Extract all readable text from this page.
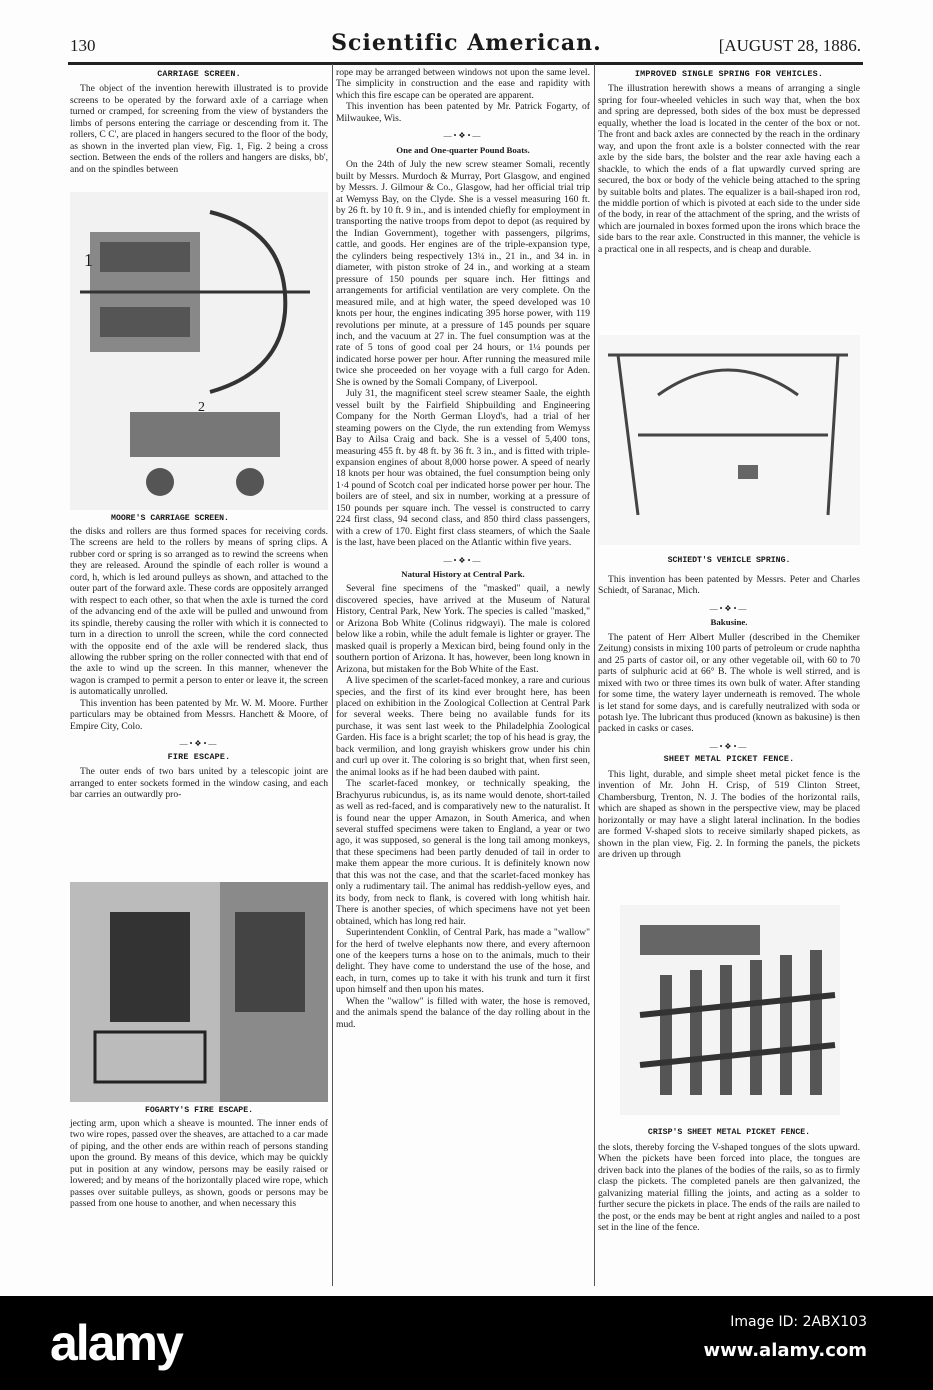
130	Scientific American.	[AUGUST 28, 1886.

CARRIAGE SCREEN.

The object of the invention herewith illustrated is to provide screens to be operated by the forward axle of a carriage when turned or cramped, for screening from the view of bystanders the limbs of persons entering the carriage or descending from it. The rollers, C C', are placed in hangers secured to the floor of the body, as shown in the inverted plan view, Fig. 1, Fig. 2 being a cross section. Between the ends of the rollers and hangers are disks, bb', and on the spindles between

1
2
MOORE'S CARRIAGE SCREEN.

the disks and rollers are thus formed spaces for receiving cords. The screens are held to the rollers by means of spring clips. A rubber cord or spring is so arranged as to rewind the screens when they are released. Around the spindle of each roller is wound a cord, h, which is led around pulleys as shown, and attached to the outer part of the forward axle. These cords are oppositely arranged with respect to each other, so that when the axle is turned the cord of the advancing end of the axle will be pulled and unwound from its spindle, thereby causing the roller with which it is connected to turn in a direction to unroll the screen, while the cord connected with the opposite end of the axle will be rendered slack, thus allowing the rubber spring on the roller connected with that end of the axle to wind up the screen. In this manner, whenever the wagon is cramped to permit a person to enter or leave it, the screen is automatically unrolled.

This invention has been patented by Mr. W. M. Moore. Further particulars may be obtained from Messrs. Hanchett & Moore, of Empire City, Colo.

—•❖•—

FIRE ESCAPE.

The outer ends of two bars united by a telescopic joint are arranged to enter sockets formed in the window casing, and each bar carries an outwardly pro-

FOGARTY'S FIRE ESCAPE.

jecting arm, upon which a sheave is mounted. The inner ends of two wire ropes, passed over the sheaves, are attached to a car made of piping, and the other ends are within reach of persons standing upon the ground. By means of this device, which may be quickly put in position at any window, persons may be easily raised or lowered; and by means of the horizontally placed wire rope, which passes over suitable pulleys, as shown, goods or persons may be passed from one house to another, and when necessary this

rope may be arranged between windows not upon the same level. The simplicity in construction and the ease and rapidity with which this fire escape can be operated are apparent.

This invention has been patented by Mr. Patrick Fogarty, of Milwaukee, Wis.

—•❖•—

One and One-quarter Pound Boats.

On the 24th of July the new screw steamer Somali, recently built by Messrs. Murdoch & Murray, Port Glasgow, and engined by Messrs. J. Gilmour & Co., Glasgow, had her official trial trip at Wemyss Bay, on the Clyde. She is a vessel measuring 160 ft. by 26 ft. by 10 ft. 9 in., and is intended chiefly for employment in transporting the native troops from depot to depot (as required by the Indian Government), together with passengers, pilgrims, cattle, and goods. Her engines are of the triple-expansion type, the cylinders being respectively 13¼ in., 21 in., and 34 in. in diameter, with piston stroke of 24 in., and working at a steam pressure of 150 pounds per square inch. Her fittings and arrangements for artificial ventilation are very complete. On the measured mile, and at high water, the speed developed was 10 knots per hour, the engines indicating 395 horse power, with 119 revolutions per minute, at a pressure of 145 pounds per square inch, and the vacuum at 27 in. The fuel consumption was at the rate of 5 tons of good coal per 24 hours, or 1¼ pounds per indicated horse power per hour. After running the measured mile twice she proceeded on her voyage with a full cargo for Aden. She is owned by the Somali Company, of Liverpool.

July 31, the magnificent steel screw steamer Saale, the eighth vessel built by the Fairfield Shipbuilding and Engineering Company for the North German Lloyd's, had a trial of her steaming powers on the Clyde, the run extending from Wemyss Bay to Ailsa Craig and back. She is a vessel of 5,400 tons, measuring 455 ft. by 48 ft. by 36 ft. 3 in., and is fitted with triple-expansion engines of about 8,000 horse power. A speed of nearly 18 knots per hour was obtained, the fuel consumption being only 1·4 pound of Scotch coal per indicated horse power per hour. The boilers are of steel, and six in number, working at a pressure of 150 pounds per square inch. The vessel is constructed to carry 224 first class, 94 second class, and 850 third class passengers, with a crew of 170. Eight first class steamers, of which the Saale is the last, have been placed on the Atlantic within five years.

—•❖•—

Natural History at Central Park.

Several fine specimens of the "masked" quail, a newly discovered species, have arrived at the Museum of Natural History, Central Park, New York. The species is called "masked," or Arizona Bob White (Colinus ridgwayi). The male is colored below like a robin, while the adult female is lighter or grayer. The masked quail is properly a Mexican bird, being found only in the southern portion of Arizona. It has, however, been long known in Arizona, but mistaken for the Bob White of the East.

A live specimen of the scarlet-faced monkey, a rare and curious species, and the first of its kind ever brought here, has been placed on exhibition in the Zoological Collection at Central Park for several weeks. There being no available funds for its purchase, it was sent last week to the Philadelphia Zoological Garden. His face is a bright scarlet; the top of his head is gray, the back vermilion, and long grayish whiskers grow under his chin and curl up over it. The coloring is so bright that, when first seen, the animal looks as if he had been daubed with paint.

The scarlet-faced monkey, or technically speaking, the Brachyurus rubicundus, is, as its name would denote, short-tailed as well as red-faced, and is comparatively new to the naturalist. It is found near the upper Amazon, in South America, and when several stuffed specimens were taken to England, a year or two ago, it was supposed, so general is the long tail among monkeys, that these specimens had been partly denuded of tail in order to make them appear the more curious. It is definitely known now that this was not the case, and that the scarlet-faced monkey has only a rudimentary tail. The animal has reddish-yellow eyes, and its body, from neck to flank, is covered with long whitish hair. There is another species, of which specimens have not yet been obtained, which has long red hair.

Superintendent Conklin, of Central Park, has made a "wallow" for the herd of twelve elephants now there, and every afternoon one of the keepers turns a hose on to the animals, much to their delight. They have come to understand the use of the hose, and each, in turn, comes up to take it with his trunk and turn it first upon himself and then upon his mates.

When the "wallow" is filled with water, the hose is removed, and the animals spend the balance of the day rolling about in the mud.

IMPROVED SINGLE SPRING FOR VEHICLES.

The illustration herewith shows a means of arranging a single spring for four-wheeled vehicles in such way that, when the box and spring are depressed, both sides of the box must be depressed equally, whether the load is located in the center of the box or not. The front and back axles are connected by the reach in the ordinary way, and upon the front axle is a bolster connected with the rear axle by the side bars, the bolster and the rear axle having each a shackle, to which the ends of a flat upwardly curved spring are secured, the box or body of the vehicle being attached to the spring by suitable bolts and plates. The equalizer is a bail-shaped iron rod, the middle portion of which is pivoted at each side to the under side of the body, in rear of the attachment of the spring, and the wrists of which are journaled in boxes formed upon the irons which brace the side bars to the rear axle. Constructed in this manner, the vehicle is a practical one in all respects, and is cheap and durable.

SCHIEDT'S VEHICLE SPRING.

This invention has been patented by Messrs. Peter and Charles Schiedt, of Saranac, Mich.

—•❖•—

Bakusine.

The patent of Herr Albert Muller (described in the Chemiker Zeitung) consists in mixing 100 parts of petroleum or crude naphtha and 25 parts of castor oil, or any other vegetable oil, with 60 to 70 parts of sulphuric acid at 66° B. The whole is well stirred, and is mixed with two or three times its own bulk of water. After standing for some time, the watery layer underneath is removed. The whole is let stand for some days, and is carefully neutralized with soda or potash lye. The lubricant thus produced (known as bakusine) is then packed in casks or cases.

—•❖•—

SHEET METAL PICKET FENCE.

This light, durable, and simple sheet metal picket fence is the invention of Mr. John H. Crisp, of 519 Clinton Street, Chambersburg, Trenton, N. J. The bodies of the horizontal rails, which are shaped as shown in the perspective view, may be placed horizontally or may have a slight lateral inclination. In the bodies are formed V-shaped slots to receive similarly shaped pickets, as shown in the plan view, Fig. 2. In forming the panels, the pickets are driven up through

CRISP'S SHEET METAL PICKET FENCE.

the slots, thereby forcing the V-shaped tongues of the slots upward. When the pickets have been forced into place, the tongues are driven back into the planes of the bodies of the rails, so as to firmly clasp the pickets. The completed panels are then galvanized, the galvanizing material filling the joints, and acting as a solder to further secure the pickets in place. The ends of the rails are nailed to the post, or the ends may be bent at right angles and nailed to a post set in the line of the fence.

alamy	Image ID: 2ABX103
www.alamy.com
